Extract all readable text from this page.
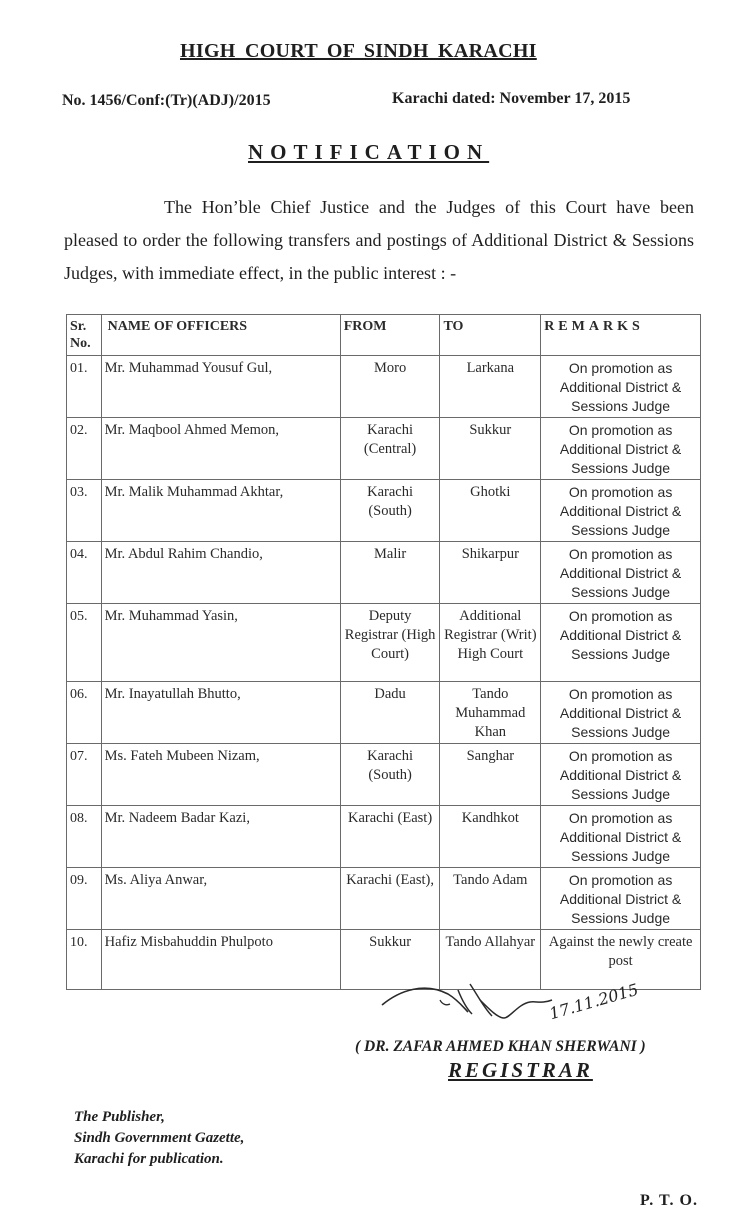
HIGH COURT OF SINDH KARACHI
No. 1456/Conf:(Tr)(ADJ)/2015	Karachi dated: November 17, 2015
NOTIFICATION
The Hon’ble Chief Justice and the Judges of this Court have been pleased to order the following transfers and postings of Additional District & Sessions Judges, with immediate effect, in the public interest : -
Sr. No.	NAME OF OFFICERS	FROM	TO	REMARKS
01.	Mr. Muhammad Yousuf Gul,	Moro	Larkana	On promotion as Additional District & Sessions Judge
02.	Mr. Maqbool Ahmed Memon,	Karachi (Central)	Sukkur	On promotion as Additional District & Sessions Judge
03.	Mr. Malik Muhammad Akhtar,	Karachi (South)	Ghotki	On promotion as Additional District & Sessions Judge
04.	Mr. Abdul Rahim Chandio,	Malir	Shikarpur	On promotion as Additional District & Sessions Judge
05.	Mr. Muhammad Yasin,	Deputy Registrar (High Court)	Additional Registrar (Writ) High Court	On promotion as Additional District & Sessions Judge
06.	Mr. Inayatullah Bhutto,	Dadu	Tando Muhammad Khan	On promotion as Additional District & Sessions Judge
07.	Ms. Fateh Mubeen Nizam,	Karachi (South)	Sanghar	On promotion as Additional District & Sessions Judge
08.	Mr. Nadeem Badar Kazi,	Karachi (East)	Kandhkot	On promotion as Additional District & Sessions Judge
09.	Ms. Aliya Anwar,	Karachi (East),	Tando Adam	On promotion as Additional District & Sessions Judge
10.	Hafiz Misbahuddin Phulpoto	Sukkur	Tando Allahyar	Against the newly create post
17.11.2015
( DR. ZAFAR AHMED KHAN SHERWANI )
REGISTRAR
The Publisher,
Sindh Government Gazette,
Karachi for publication.
P. T. O.
